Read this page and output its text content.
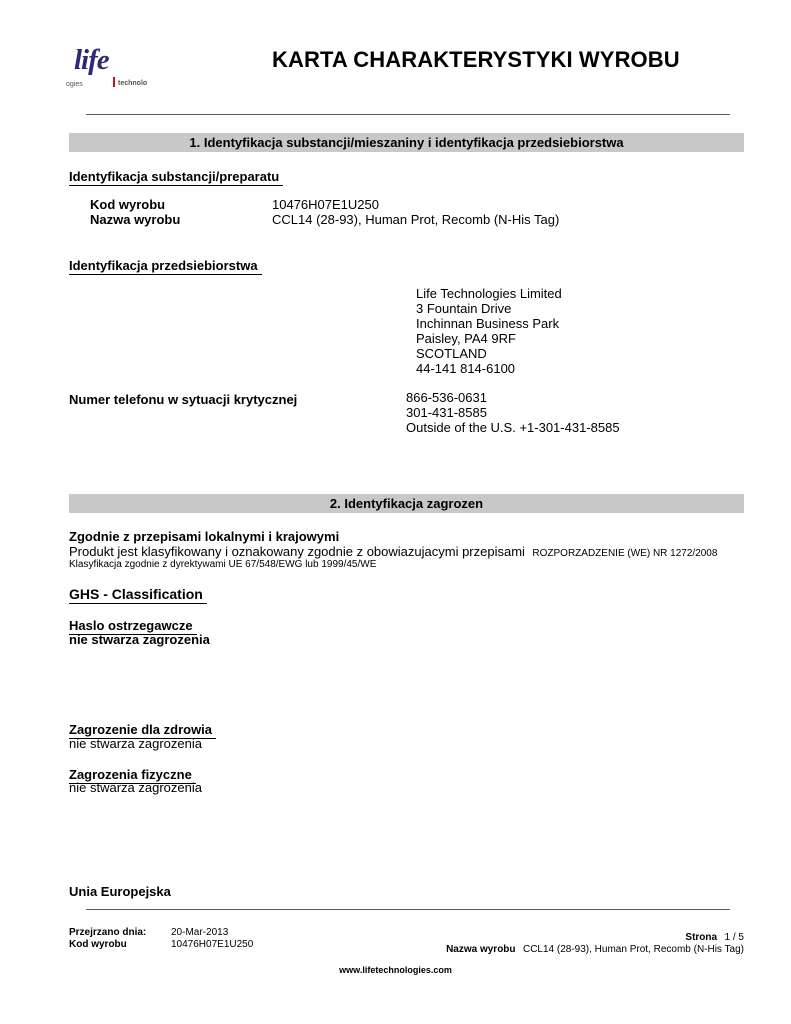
life
ogies	technolo
KARTA CHARAKTERYSTYKI WYROBU
1. Identyfikacja substancji/mieszaniny i identyfikacja przedsiebiorstwa
Identyfikacja substancji/preparatu
Kod wyrobu	10476H07E1U250
Nazwa wyrobu	CCL14 (28-93), Human Prot, Recomb (N-His Tag)
Identyfikacja przedsiebiorstwa
Life Technologies Limited
3 Fountain Drive
Inchinnan Business Park
Paisley, PA4 9RF
SCOTLAND
44-141 814-6100
Numer telefonu w sytuacji krytycznej	866-536-0631
301-431-8585
Outside of the U.S. +1-301-431-8585
2. Identyfikacja zagrozen
Zgodnie z przepisami lokalnymi i krajowymi
Produkt jest klasyfikowany i oznakowany zgodnie z obowiazujacymi przepisami ROZPORZADZENIE (WE) NR 1272/2008
Klasyfikacja zgodnie z dyrektywami UE 67/548/EWG lub 1999/45/WE
GHS - Classification
Haslo ostrzegawcze
nie stwarza zagrozenia
Zagrozenie dla zdrowia
nie stwarza zagrozenia
Zagrozenia fizyczne
nie stwarza zagrozenia
Unia Europejska
Przejrzano dnia: 20-Mar-2013
Kod wyrobu	10476H07E1U250
Strona 1 / 5
Nazwa wyrobu CCL14 (28-93), Human Prot, Recomb (N-His Tag)
www.lifetechnologies.com
